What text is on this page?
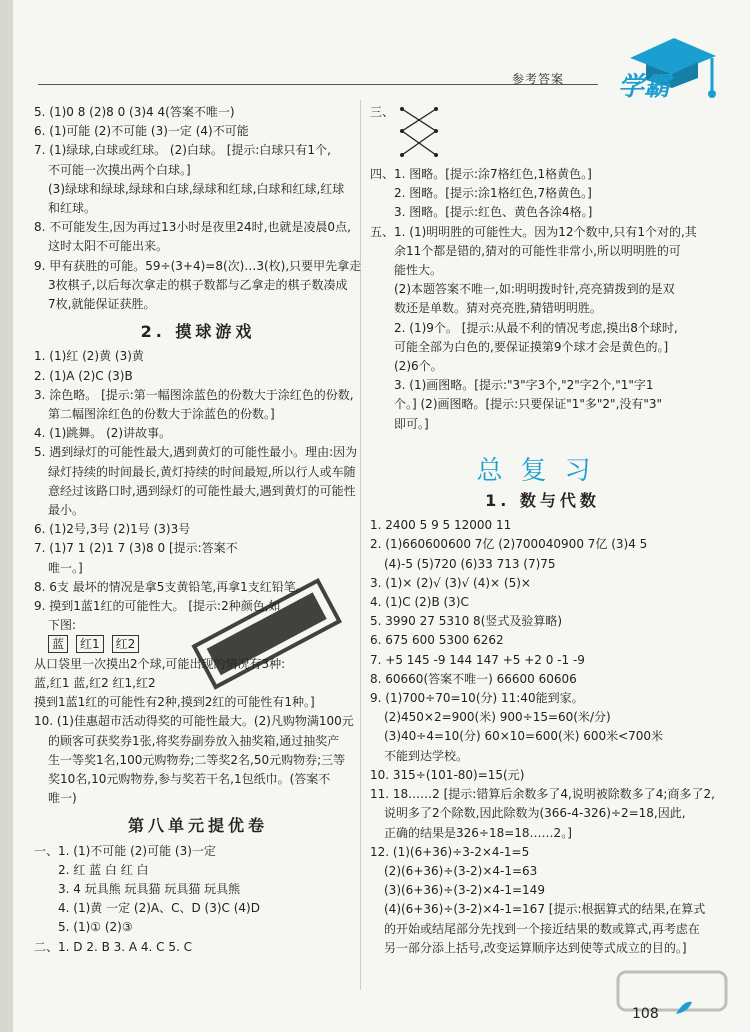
参考答案 学霸
5. (1)0 8 (2)8 0 (3)4 4(答案不唯一)
6. (1)可能 (2)不可能 (3)一定 (4)不可能
7. (1)绿球,白球或红球。 (2)白球。 [提示:白球只有1个,
不可能一次摸出两个白球。]
(3)绿球和绿球,绿球和白球,绿球和红球,白球和红球,红球
和红球。
8. 不可能发生,因为再过13小时是夜里24时,也就是凌晨0点,
这时太阳不可能出来。
9. 甲有获胜的可能。59÷(3+4)=8(次)…3(枚),只要甲先拿走
3枚棋子,以后每次拿走的棋子数都与乙拿走的棋子数凑成
7枚,就能保证获胜。
2. 摸球游戏
1. (1)红 (2)黄 (3)黄
2. (1)A (2)C (3)B
3. 涂色略。 [提示:第一幅图涂蓝色的份数大于涂红色的份数,
第二幅图涂红色的份数大于涂蓝色的份数。]
4. (1)跳舞。 (2)讲故事。
5. 遇到绿灯的可能性最大,遇到黄灯的可能性最小。理由:因为
绿灯持续的时间最长,黄灯持续的时间最短,所以行人或车随
意经过该路口时,遇到绿灯的可能性最大,遇到黄灯的可能性
最小。
6. (1)2号,3号 (2)1号 (3)3号
7. (1)7 1 (2)1 7 (3)8 0 [提示:答案不
唯一。]
8. 6支 最坏的情况是拿5支黄铅笔,再拿1支红铅笔。
9. 摸到1蓝1红的可能性大。 [提示:2种颜色,如
下图:
蓝 红1 红2
从口袋里一次摸出2个球,可能出现的情况有3种:
蓝,红1 蓝,红2 红1,红2
摸到1蓝1红的可能性有2种,摸到2红的可能性有1种。]
10. (1)佳惠超市活动得奖的可能性最大。(2)凡购物满100元
的顾客可获奖券1张,将奖券副券放入抽奖箱,通过抽奖产
生一等奖1名,100元购物券;二等奖2名,50元购物券;三等
奖10名,10元购物券,参与奖若干名,1包纸巾。(答案不
唯一)
第八单元提优卷
一、1. (1)不可能 (2)可能 (3)一定
2. 红 蓝 白 红 白
3. 4 玩具熊 玩具猫 玩具猫 玩具熊
4. (1)黄 一定 (2)A、C、D (3)C (4)D
5. (1)① (2)③
二、1. D 2. B 3. A 4. C 5. C
三、
四、1. 图略。[提示:涂7格红色,1格黄色。]
2. 图略。[提示:涂1格红色,7格黄色。]
3. 图略。[提示:红色、黄色各涂4格。]
五、1. (1)明明胜的可能性大。因为12个数中,只有1个对的,其
余11个都是错的,猜对的可能性非常小,所以明明胜的可
能性大。
(2)本题答案不唯一,如:明明拨时针,亮亮猜拨到的是双
数还是单数。猜对亮亮胜,猜错明明胜。
2. (1)9个。 [提示:从最不利的情况考虑,摸出8个球时,
可能全部为白色的,要保证摸第9个球才会是黄色的。]
(2)6个。
3. (1)画图略。[提示:"3"字3个,"2"字2个,"1"字1
个。] (2)画图略。[提示:只要保证"1"多"2",没有"3"
即可。]
总复习
1. 数与代数
1. 2400 5 9 5 12000 11
2. (1)660600600 7亿 (2)700040900 7亿 (3)4 5
(4)-5 (5)720 (6)33 713 (7)75
3. (1)× (2)√ (3)√ (4)× (5)×
4. (1)C (2)B (3)C
5. 3990 27 5310 8(竖式及验算略)
6. 675 600 5300 6262
7. +5 145 -9 144 147 +5 +2 0 -1 -9
8. 60660(答案不唯一) 66600 60606
9. (1)700÷70=10(分) 11:40能到家。
(2)450×2=900(米) 900÷15=60(米/分)
(3)40÷4=10(分) 60×10=600(米) 600米<700米
不能到达学校。
10. 315÷(101-80)=15(元)
11. 18……2 [提示:错算后余数多了4,说明被除数多了4;商多了2,
说明多了2个除数,因此除数为(366-4-326)÷2=18,因此,
正确的结果是326÷18=18……2。]
12. (1)(6+36)÷3-2×4-1=5
(2)(6+36)÷(3-2)×4-1=63
(3)(6+36)÷(3-2)×4-1=149
(4)(6+36)÷(3-2)×4-1=167 [提示:根据算式的结果,在算式
的开始或结尾部分先找到一个接近结果的数或算式,再考虑在
另一部分添上括号,改变运算顺序达到使等式成立的目的。]
108
